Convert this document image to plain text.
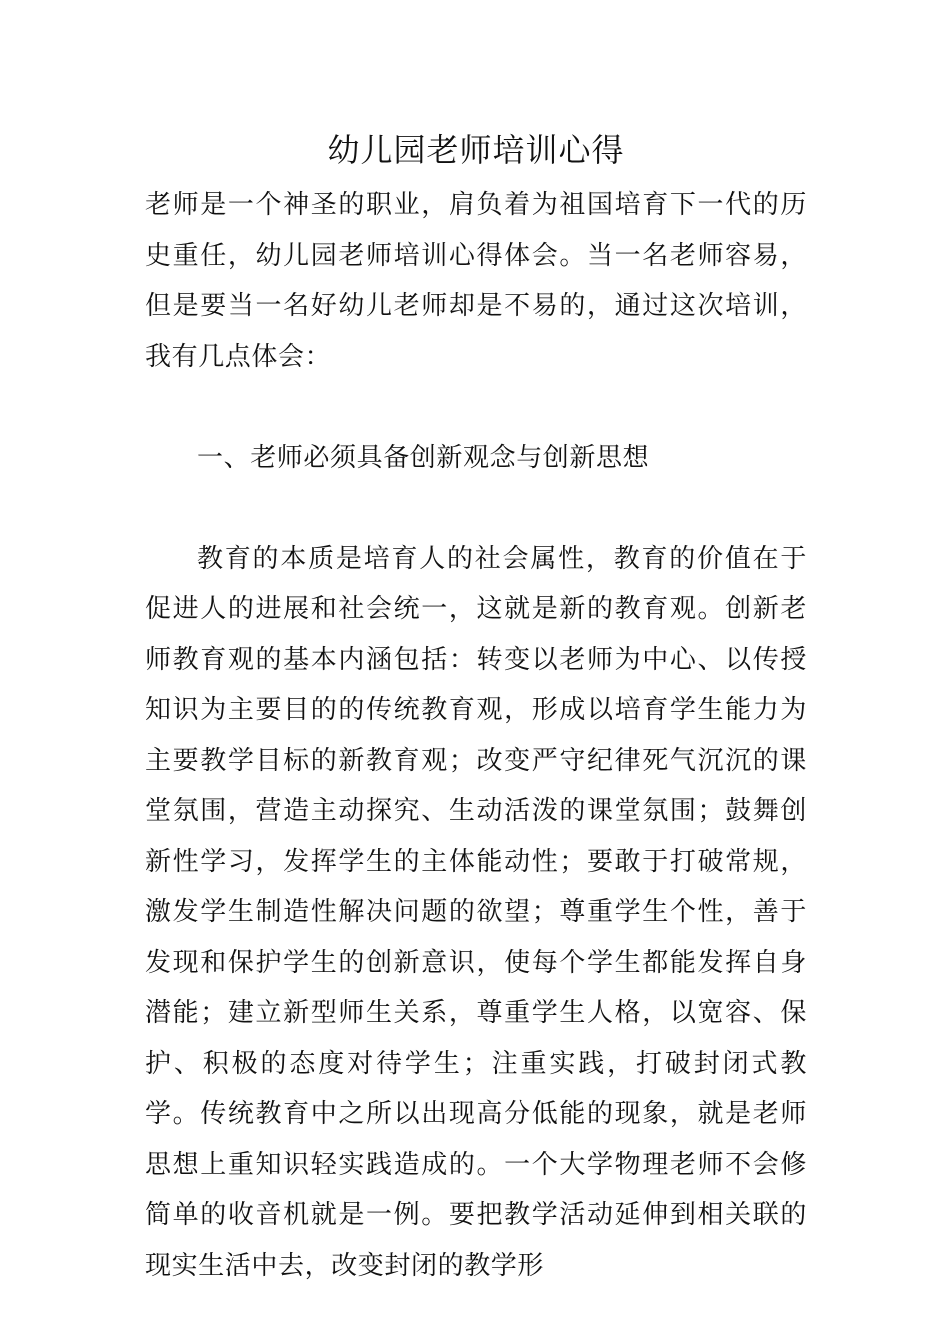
幼儿园老师培训心得

老师是一个神圣的职业，肩负着为祖国培育下一代的历史重任，幼儿园老师培训心得体会。当一名老师容易，但是要当一名好幼儿老师却是不易的，通过这次培训，我有几点体会：

一、老师必须具备创新观念与创新思想

教育的本质是培育人的社会属性，教育的价值在于促进人的进展和社会统一，这就是新的教育观。创新老师教育观的基本内涵包括：转变以老师为中心、以传授知识为主要目的的传统教育观，形成以培育学生能力为主要教学目标的新教育观；改变严守纪律死气沉沉的课堂氛围，营造主动探究、生动活泼的课堂氛围；鼓舞创新性学习，发挥学生的主体能动性；要敢于打破常规，激发学生制造性解决问题的欲望；尊重学生个性，善于发现和保护学生的创新意识，使每个学生都能发挥自身潜能；建立新型师生关系，尊重学生人格，以宽容、保护、积极的态度对待学生；注重实践，打破封闭式教学。传统教育中之所以出现高分低能的现象，就是老师思想上重知识轻实践造成的。一个大学物理老师不会修简单的收音机就是一例。要把教学活动延伸到相关联的现实生活中去，改变封闭的教学形
